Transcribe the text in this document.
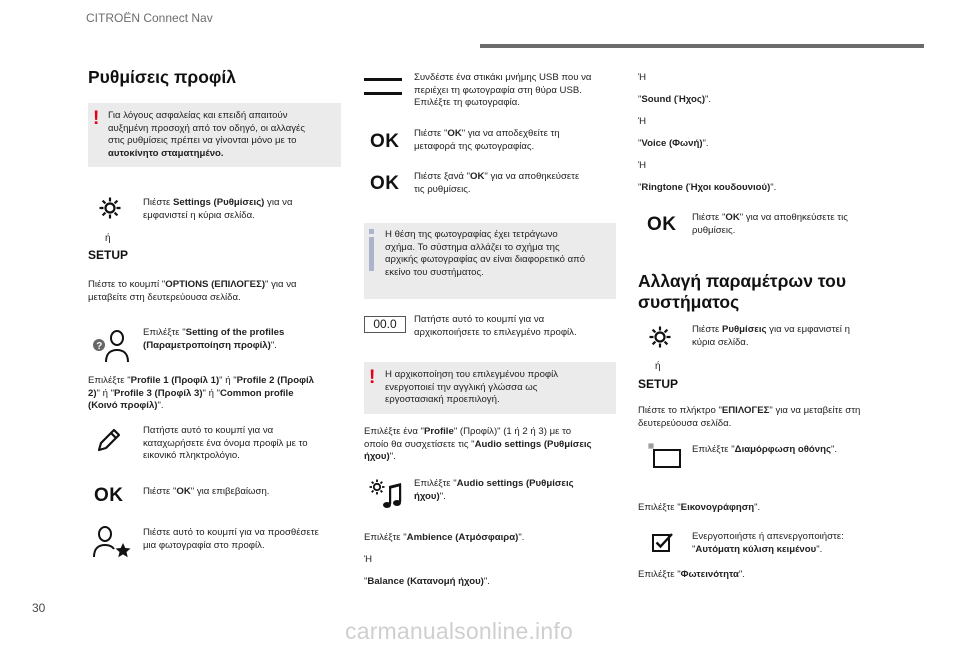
CITROËN Connect Nav
30
carmanualsonline.info
Ρυθμίσεις προφίλ
! Για λόγους ασφαλείας και επειδή απαιτούν
αυξημένη προσοχή από τον οδηγό, οι αλλαγές
στις ρυθμίσεις πρέπει να γίνονται μόνο με το
αυτοκίνητο σταματημένο.
Πιέστε Settings (Ρυθμίσεις) για να
εμφανιστεί η κύρια σελίδα.
ή
SETUP
Πιέστε το κουμπί "OPTIONS (ΕΠΙΛΟΓΕΣ)" για να
μεταβείτε στη δευτερεύουσα σελίδα.
?
Επιλέξτε "Setting of the profiles
(Παραμετροποίηση προφίλ)".
Επιλέξτε "Profile 1 (Προφίλ 1)" ή "Profile 2 (Προφίλ
2)" ή "Profile 3 (Προφίλ 3)" ή "Common profile
(Κοινό προφίλ)".
Πατήστε αυτό το κουμπί για να
καταχωρήσετε ένα όνομα προφίλ με το
εικονικό πληκτρολόγιο.
OK Πιέστε "OK" για επιβεβαίωση.
Πιέστε αυτό το κουμπί για να προσθέσετε
μια φωτογραφία στο προφίλ.
Συνδέστε ένα στικάκι μνήμης USB που να
περιέχει τη φωτογραφία στη θύρα USB.
Επιλέξτε τη φωτογραφία.
OK Πιέστε "OK" για να αποδεχθείτε τη
μεταφορά της φωτογραφίας.
OK Πιέστε ξανά "OK" για να αποθηκεύσετε
τις ρυθμίσεις.
Η θέση της φωτογραφίας έχει τετράγωνο
σχήμα. Το σύστημα αλλάζει το σχήμα της
αρχικής φωτογραφίας αν είναι διαφορετικό από
εκείνο του συστήματος.
00.0	Πατήστε αυτό το κουμπί για να
αρχικοποιήσετε το επιλεγμένο προφίλ.
! Η αρχικοποίηση του επιλεγμένου προφίλ
ενεργοποιεί την αγγλική γλώσσα ως
εργοστασιακή προεπιλογή.
Επιλέξτε ένα "Profile" (Προφίλ)" (1 ή 2 ή 3) με το
οποίο θα συσχετίσετε τις "Audio settings (Ρυθμίσεις
ήχου)".
Επιλέξτε "Audio settings (Ρυθμίσεις
ήχου)".
Επιλέξτε "Ambience (Ατμόσφαιρα)".
Ή
"Balance (Κατανομή ήχου)".
Ή
"Sound (Ήχος)".
Ή
"Voice (Φωνή)".
Ή
"Ringtone (Ήχοι κουδουνιού)".
OK Πιέστε "OK" για να αποθηκεύσετε τις
ρυθμίσεις.
Αλλαγή παραμέτρων του
συστήματος
Πιέστε Ρυθμίσεις για να εμφανιστεί η
κύρια σελίδα.
ή
SETUP
Πιέστε το πλήκτρο "ΕΠΙΛΟΓΕΣ" για να μεταβείτε στη
δευτερεύουσα σελίδα.
Επιλέξτε "Διαμόρφωση οθόνης".
Επιλέξτε "Εικονογράφηση".
Ενεργοποιήστε ή απενεργοποιήστε:
"Αυτόματη κύλιση κειμένου".
Επιλέξτε "Φωτεινότητα".
